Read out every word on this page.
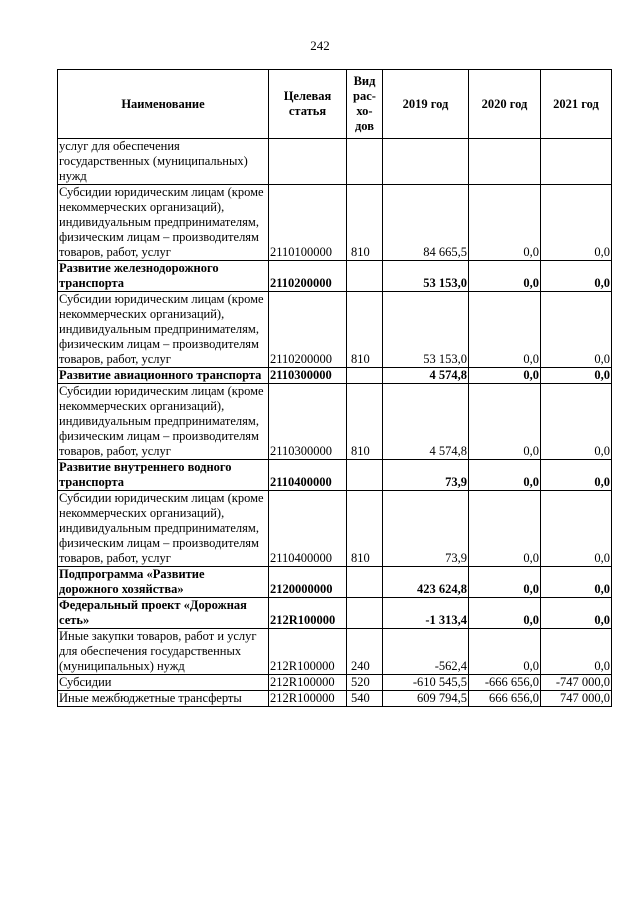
242
Наименование	Целевая статья	Вид рас-хо-дов	2019 год	2020 год	2021 год
услуг для обеспечения государственных (муниципальных) нужд					
Субсидии юридическим лицам (кроме некоммерческих организаций), индивидуальным предпринимателям, физическим лицам – производителям товаров, работ, услуг	2110100000	810	84 665,5	0,0	0,0
Развитие железнодорожного транспорта	2110200000		53 153,0	0,0	0,0
Субсидии юридическим лицам (кроме некоммерческих организаций), индивидуальным предпринимателям, физическим лицам – производителям товаров, работ, услуг	2110200000	810	53 153,0	0,0	0,0
Развитие авиационного транспорта	2110300000		4 574,8	0,0	0,0
Субсидии юридическим лицам (кроме некоммерческих организаций), индивидуальным предпринимателям, физическим лицам – производителям товаров, работ, услуг	2110300000	810	4 574,8	0,0	0,0
Развитие внутреннего водного транспорта	2110400000		73,9	0,0	0,0
Субсидии юридическим лицам (кроме некоммерческих организаций), индивидуальным предпринимателям, физическим лицам – производителям товаров, работ, услуг	2110400000	810	73,9	0,0	0,0
Подпрограмма «Развитие дорожного хозяйства»	2120000000		423 624,8	0,0	0,0
Федеральный проект «Дорожная сеть»	212R100000		-1 313,4	0,0	0,0
Иные закупки товаров, работ и услуг для обеспечения государственных (муниципальных) нужд	212R100000	240	-562,4	0,0	0,0
Субсидии	212R100000	520	-610 545,5	-666 656,0	-747 000,0
Иные межбюджетные трансферты	212R100000	540	609 794,5	666 656,0	747 000,0
